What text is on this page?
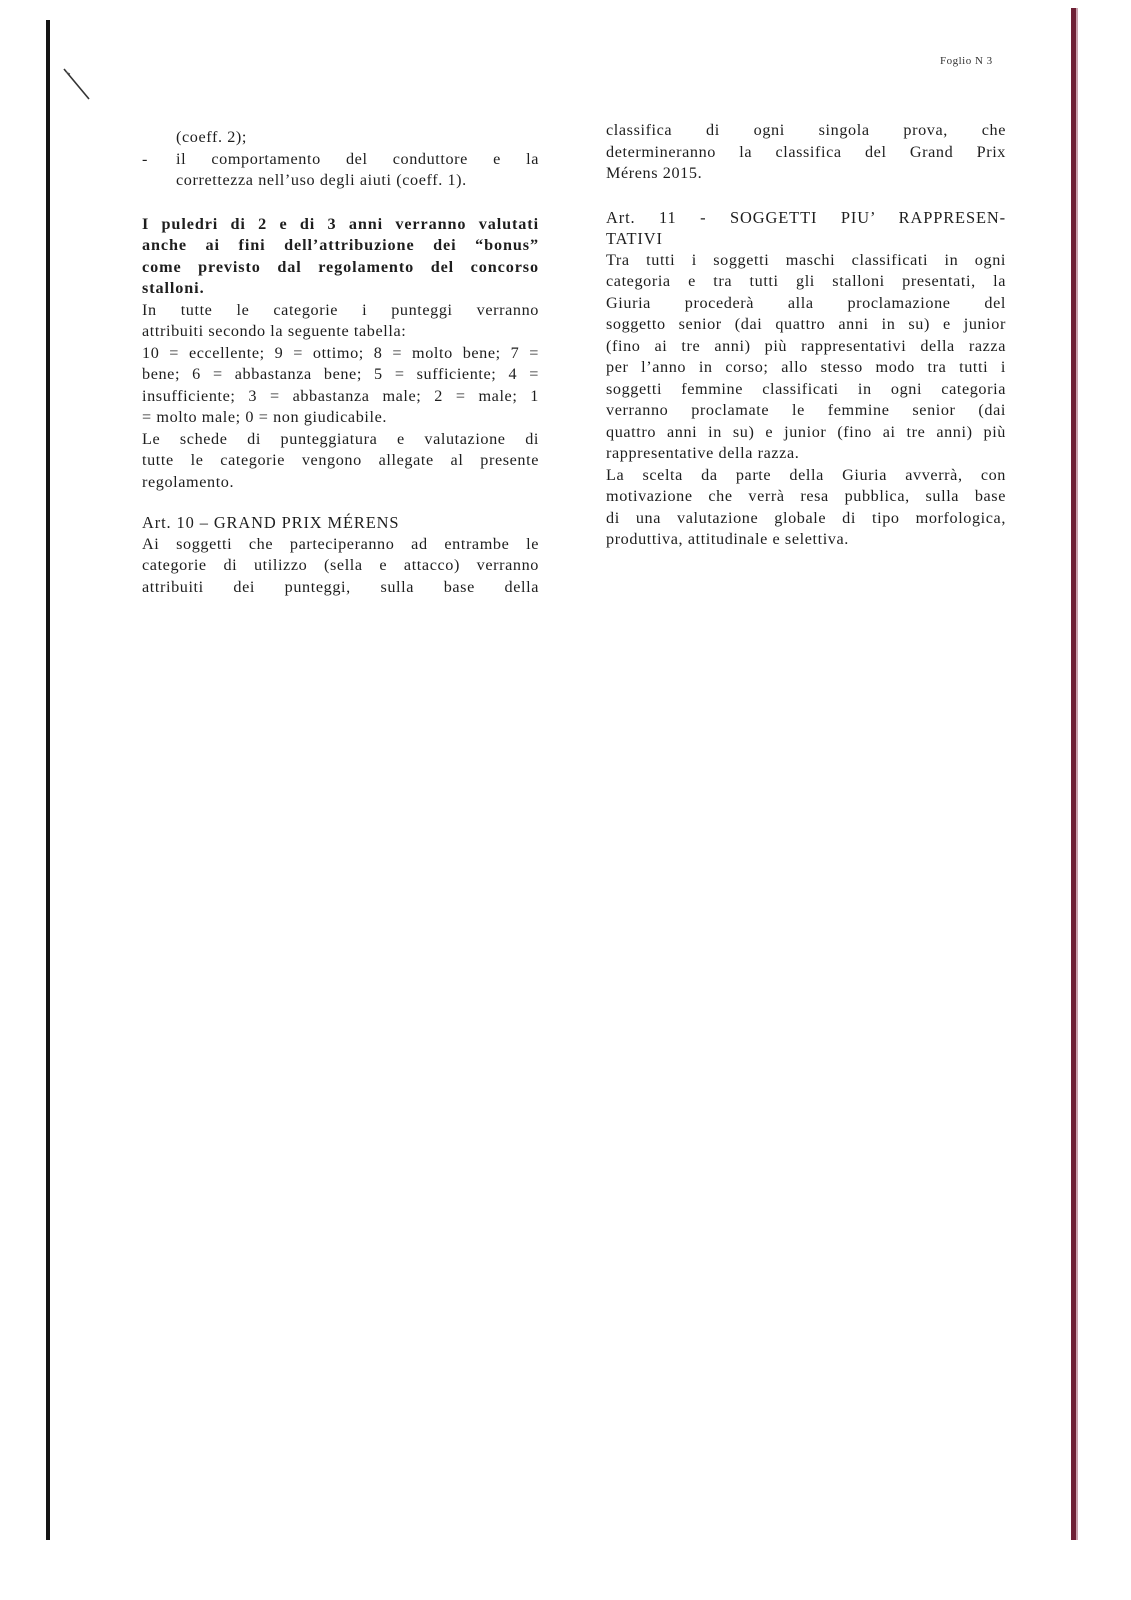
Foglio N 3
(coeff. 2);
-	il comportamento del conduttore e la
correttezza nell’uso degli aiuti (coeff. 1).
I puledri di 2 e di 3 anni verranno valutati
anche ai fini dell’attribuzione dei “bonus”
come previsto dal regolamento del concorso
stalloni.
In tutte le categorie i punteggi verranno
attribuiti secondo la seguente tabella:
10 = eccellente; 9 = ottimo; 8 = molto bene; 7 =
bene; 6 = abbastanza bene; 5 = sufficiente; 4 =
insufficiente; 3 = abbastanza male; 2 = male; 1
= molto male; 0 = non giudicabile.
Le schede di punteggiatura e valutazione di
tutte le categorie vengono allegate al presente
regolamento.
Art. 10 – GRAND PRIX MÉRENS
Ai soggetti che parteciperanno ad entrambe le
categorie di utilizzo (sella e attacco) verranno
attribuiti dei punteggi, sulla base della
classifica di ogni singola prova, che
determineranno la classifica del Grand Prix
Mérens 2015.
Art. 11 - SOGGETTI PIU’ RAPPRESEN-
TATIVI
Tra tutti i soggetti maschi classificati in ogni
categoria e tra tutti gli stalloni presentati, la
Giuria procederà alla proclamazione del
soggetto senior (dai quattro anni in su) e junior
(fino ai tre anni) più rappresentativi della razza
per l’anno in corso; allo stesso modo tra tutti i
soggetti femmine classificati in ogni categoria
verranno proclamate le femmine senior (dai
quattro anni in su) e junior (fino ai tre anni) più
rappresentative della razza.
La scelta da parte della Giuria avverrà, con
motivazione che verrà resa pubblica, sulla base
di una valutazione globale di tipo morfologica,
produttiva, attitudinale e selettiva.
